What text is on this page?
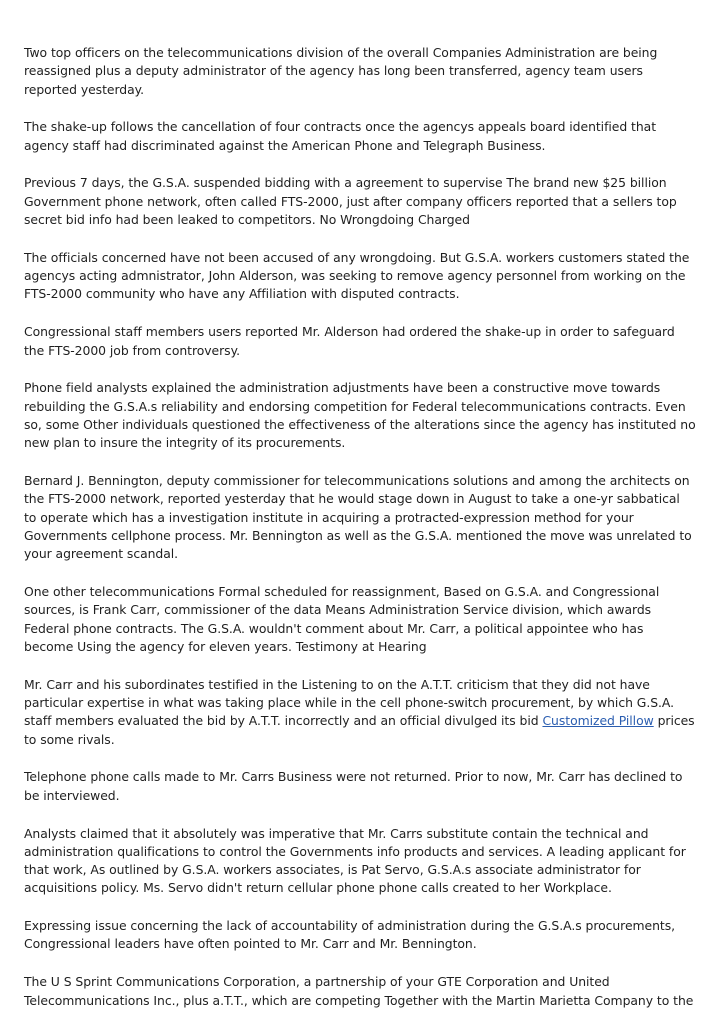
Two top officers on the telecommunications division of the overall Companies Administration are being reassigned plus a deputy administrator of the agency has long been transferred, agency team users reported yesterday.

The shake-up follows the cancellation of four contracts once the agencys appeals board identified that agency staff had discriminated against the American Phone and Telegraph Business.

Previous 7 days, the G.S.A. suspended bidding with a agreement to supervise The brand new $25 billion Government phone network, often called FTS-2000, just after company officers reported that a sellers top secret bid info had been leaked to competitors. No Wrongdoing Charged

The officials concerned have not been accused of any wrongdoing. But G.S.A. workers customers stated the agencys acting admnistrator, John Alderson, was seeking to remove agency personnel from working on the FTS-2000 community who have any Affiliation with disputed contracts.

Congressional staff members users reported Mr. Alderson had ordered the shake-up in order to safeguard the FTS-2000 job from controversy.

Phone field analysts explained the administration adjustments have been a constructive move towards rebuilding the G.S.A.s reliability and endorsing competition for Federal telecommunications contracts. Even so, some Other individuals questioned the effectiveness of the alterations since the agency has instituted no new plan to insure the integrity of its procurements.

Bernard J. Bennington, deputy commissioner for telecommunications solutions and among the architects on the FTS-2000 network, reported yesterday that he would stage down in August to take a one-yr sabbatical to operate which has a investigation institute in acquiring a protracted-expression method for your Governments cellphone process. Mr. Bennington as well as the G.S.A. mentioned the move was unrelated to your agreement scandal.

One other telecommunications Formal scheduled for reassignment, Based on G.S.A. and Congressional sources, is Frank Carr, commissioner of the data Means Administration Service division, which awards Federal phone contracts. The G.S.A. wouldn't comment about Mr. Carr, a political appointee who has become Using the agency for eleven years. Testimony at Hearing

Mr. Carr and his subordinates testified in the Listening to on the A.T.T. criticism that they did not have particular expertise in what was taking place while in the cell phone-switch procurement, by which G.S.A. staff members evaluated the bid by A.T.T. incorrectly and an official divulged its bid Customized Pillow prices to some rivals.

Telephone phone calls made to Mr. Carrs Business were not returned. Prior to now, Mr. Carr has declined to be interviewed.

Analysts claimed that it absolutely was imperative that Mr. Carrs substitute contain the technical and administration qualifications to control the Governments info products and services. A leading applicant for that work, As outlined by G.S.A. workers associates, is Pat Servo, G.S.A.s associate administrator for acquisitions policy. Ms. Servo didn't return cellular phone phone calls created to her Workplace.

Expressing issue concerning the lack of accountability of administration during the G.S.A.s procurements, Congressional leaders have often pointed to Mr. Carr and Mr. Bennington.

The U S Sprint Communications Corporation, a partnership of your GTE Corporation and United Telecommunications Inc., plus a.T.T., which are competing Together with the Martin Marietta Company to the
